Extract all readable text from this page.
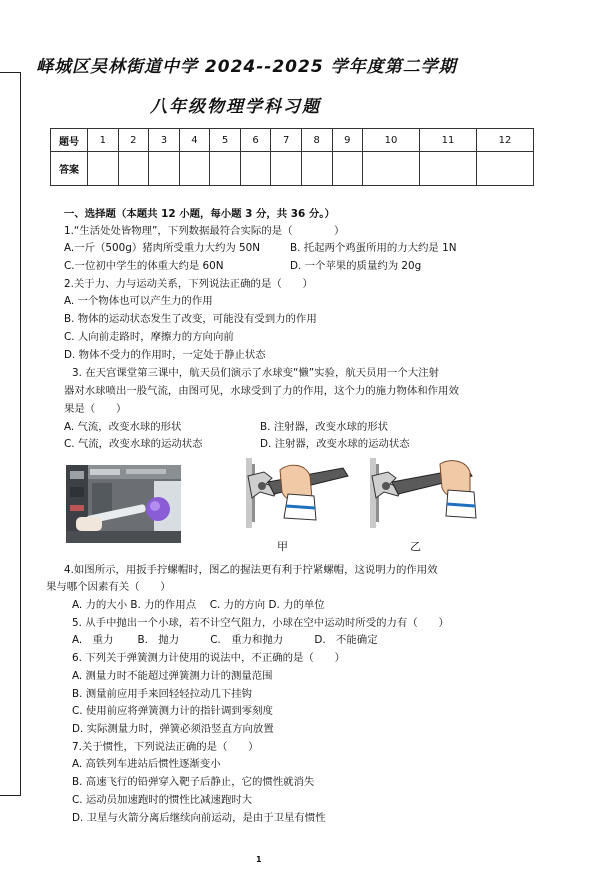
峄城区吴林街道中学 2024--2025 学年度第二学期
八年级物理学科习题
题号	1	2	3	4	5	6	7	8	9	10	11	12
答案												
一、选择题（本题共 12 小题，每小题 3 分，共 36 分。）
1.“生活处处皆物理”，下列数据最符合实际的是（　　　　）
A.一斤（500g）猪肉所受重力大约为 50N	B. 托起两个鸡蛋所用的力大约是 1N
C.一位初中学生的体重大约是 60N	D. 一个苹果的质量约为 20g
2.关于力、力与运动关系，下列说法正确的是（　　）
A. 一个物体也可以产生力的作用
B. 物体的运动状态发生了改变，可能没有受到力的作用
C. 人向前走路时，摩擦力的方向向前
D. 物体不受力的作用时，一定处于静止状态
3. 在天宫课堂第三课中，航天员们演示了水球变“懒”实验，航天员用一个大注射
器对水球喷出一股气流，由图可见，水球受到了力的作用，这个力的施力物体和作用效
果是（　　）
A. 气流，改变水球的形状	B. 注射器，改变水球的形状
C. 气流，改变水球的运动状态	D. 注射器，改变水球的运动状态
甲	乙
4.如图所示，用扳手拧螺帽时，图乙的握法更有利于拧紧螺帽，这说明力的作用效
果与哪个因素有关（　　）
A. 力的大小 B. 力的作用点　 C. 力的方向 D. 力的单位
5. 从手中抛出一个小球，若不计空气阻力，小球在空中运动时所受的力有（　　）
A.　重力　　 B.　抛力　　　C.　重力和抛力　　　D.　不能确定
6. 下列关于弹簧测力计使用的说法中，不正确的是（　　）
A. 测量力时不能超过弹簧测力计的测量范围
B. 测量前应用手来回轻轻拉动几下挂钩
C. 使用前应将弹簧测力计的指针调到零刻度
D. 实际测量力时，弹簧必须沿竖直方向放置
7.关于惯性，下列说法正确的是（　　）
A. 高铁列车进站后惯性逐渐变小
B. 高速飞行的铅弹穿入靶子后静止，它的惯性就消失
C. 运动员加速跑时的惯性比减速跑时大
D. 卫星与火箭分离后继续向前运动，是由于卫星有惯性
1
